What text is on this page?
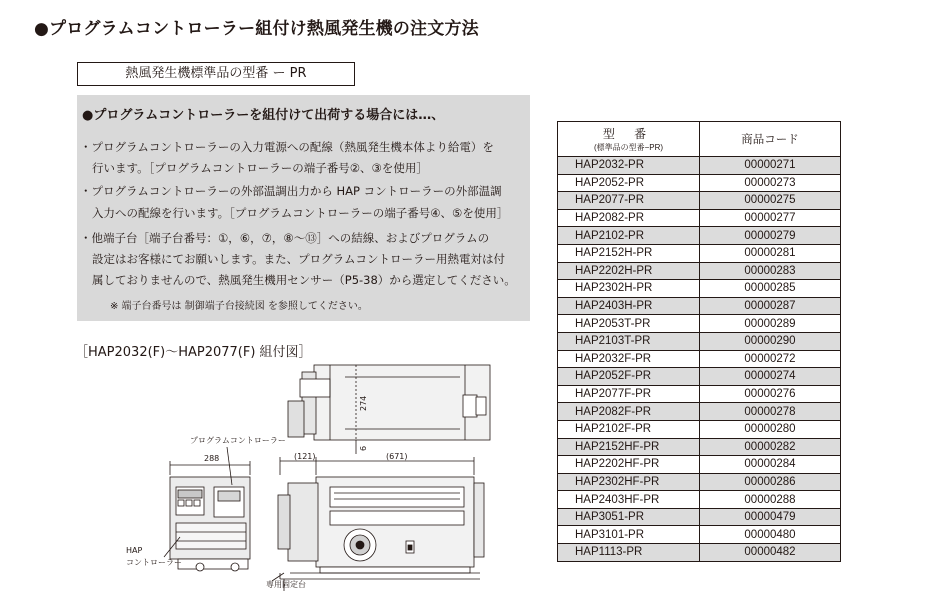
●プログラムコントローラー組付け熱風発生機の注文方法
熱風発生機標準品の型番 ー PR
●プログラムコントローラーを組付けて出荷する場合には…、
・プログラムコントローラーの入力電源への配線（熱風発生機本体より給電）を
行います。［プログラムコントローラーの端子番号②、③を使用］
・プログラムコントローラーの外部温調出力から HAP コントローラーの外部温調
入力への配線を行います。［プログラムコントローラーの端子番号④、⑤を使用］
・他端子台［端子台番号：①，⑥，⑦，⑧～⑬］への結線、およびプログラムの
設定はお客様にてお願いします。また、プログラムコントローラー用熱電対は付
属しておりませんので、熱風発生機用センサー（P5-38）から選定してください。
※ 端子台番号は 制御端子台接続図 を参照してください。
［HAP2032(F)～HAP2077(F) 組付図］
プログラムコントローラー
288	(121)	(671)
274
6
HAP
コントローラー
専用固定台
型 番
(標準品の型番−PR)	商品コード
HAP2032-PR	00000271
HAP2052-PR	00000273
HAP2077-PR	00000275
HAP2082-PR	00000277
HAP2102-PR	00000279
HAP2152H-PR	00000281
HAP2202H-PR	00000283
HAP2302H-PR	00000285
HAP2403H-PR	00000287
HAP2053T-PR	00000289
HAP2103T-PR	00000290
HAP2032F-PR	00000272
HAP2052F-PR	00000274
HAP2077F-PR	00000276
HAP2082F-PR	00000278
HAP2102F-PR	00000280
HAP2152HF-PR	00000282
HAP2202HF-PR	00000284
HAP2302HF-PR	00000286
HAP2403HF-PR	00000288
HAP3051-PR	00000479
HAP3101-PR	00000480
HAP1113-PR	00000482
